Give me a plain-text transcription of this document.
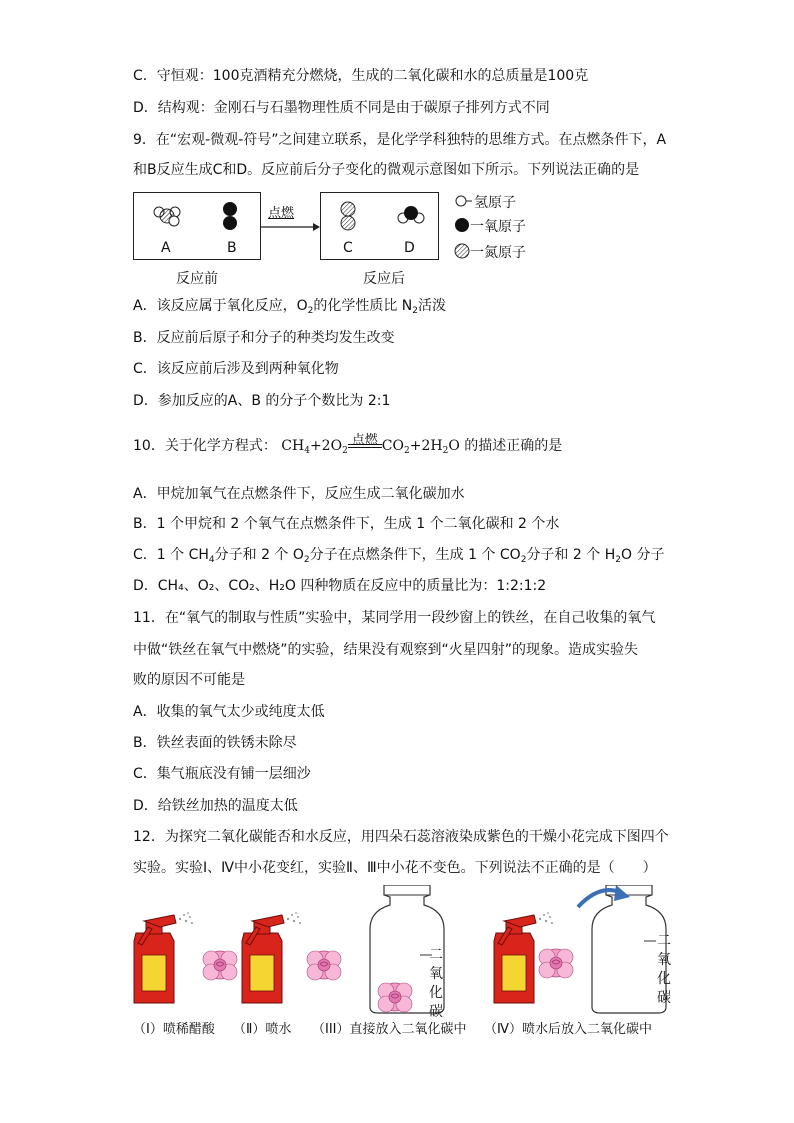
C．守恒观：100克酒精充分燃烧，生成的二氧化碳和水的总质量是100克
D．结构观：金刚石与石墨物理性质不同是由于碳原子排列方式不同
9．在“宏观-微观-符号”之间建立联系，是化学学科独特的思维方式。在点燃条件下，A
和B反应生成C和D。反应前后分子变化的微观示意图如下所示。下列说法正确的是
A	B	C	D
点燃
反应前	反应后
氢原子
一氧原子
一氮原子
A．该反应属于氧化反应，$O_2$的化学性质比 $N_2$活泼
B．反应前后原子和分子的种类均发生改变
C．该反应前后涉及到两种氧化物
D．参加反应的A、B 的分子个数比为 2:1
10．关于化学方程式： $CH_4+2O_2$
点燃 $CO_2+2H_2O$ 的描述正确的是
A．甲烷加氧气在点燃条件下，反应生成二氧化碳加水
B．1 个甲烷和 2 个氧气在点燃条件下，生成 1 个二氧化碳和 2 个水
C．1 个 $CH_4$分子和 2 个 $O_2$分子在点燃条件下，生成 1 个 $CO_2$分子和 2 个 $H_2O$ 分子
D．CH₄、O₂、CO₂、H₂O 四种物质在反应中的质量比为：1:2:1:2
11．在“氧气的制取与性质”实验中，某同学用一段纱窗上的铁丝，在自己收集的氧气
中做“铁丝在氧气中燃烧”的实验，结果没有观察到“火星四射”的现象。造成实验失
败的原因不可能是
A．收集的氧气太少或纯度太低
B．铁丝表面的铁锈未除尽
C．集气瓶底没有铺一层细沙
D．给铁丝加热的温度太低
12．为探究二氧化碳能否和水反应，用四朵石蕊溶液染成紫色的干燥小花完成下图四个
实验。实验Ⅰ、Ⅳ中小花变红，实验Ⅱ、Ⅲ中小花不变色。下列说法不正确的是（　　）
二
氧
化
碳
二
氧
化
碳
（I）喷稀醋酸 （Ⅱ）喷水 （III）直接放入二氧化碳中 （Ⅳ）喷水后放入二氧化碳中
